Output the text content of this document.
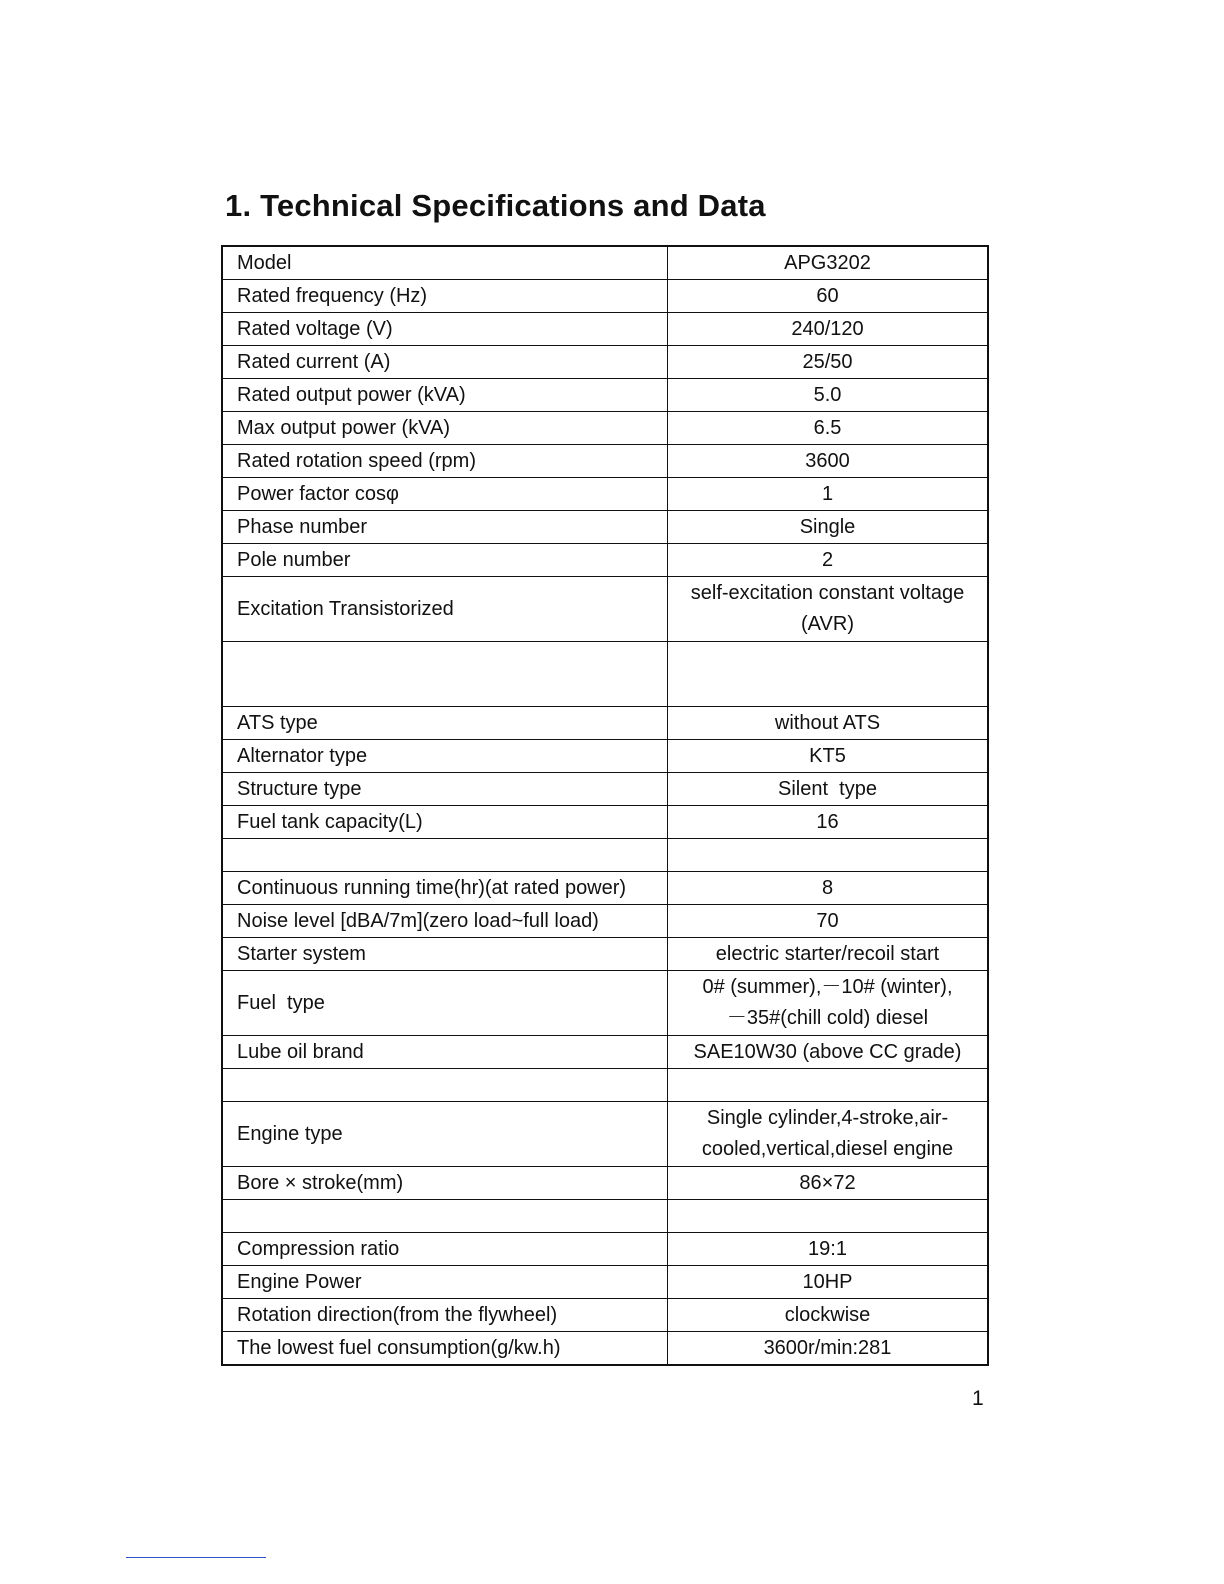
1. Technical Specifications and Data
Model	APG3202
Rated frequency (Hz)	60
Rated voltage (V)	240/120
Rated current (A)	25/50
Rated output power (kVA)	5.0
Max output power (kVA)	6.5
Rated rotation speed (rpm)	3600
Power factor cosφ	1
Phase number	Single
Pole number	2
Excitation Transistorized	self-excitation constant voltage
(AVR)

ATS type	without ATS
Alternator type	KT5
Structure type	Silent  type
Fuel tank capacity(L)	16

Continuous running time(hr)(at rated power)	8
Noise level [dBA/7m](zero load~full load)	70
Starter system	electric starter/recoil start
Fuel  type	0# (summer),－10# (winter),
－35#(chill cold) diesel
Lube oil brand	SAE10W30 (above CC grade)

Engine type	Single cylinder,4-stroke,air-
cooled,vertical,diesel engine
Bore × stroke(mm)	86×72

Compression ratio	19:1
Engine Power	10HP
Rotation direction(from the flywheel)	clockwise
The lowest fuel consumption(g/kw.h)	3600r/min:281
1
